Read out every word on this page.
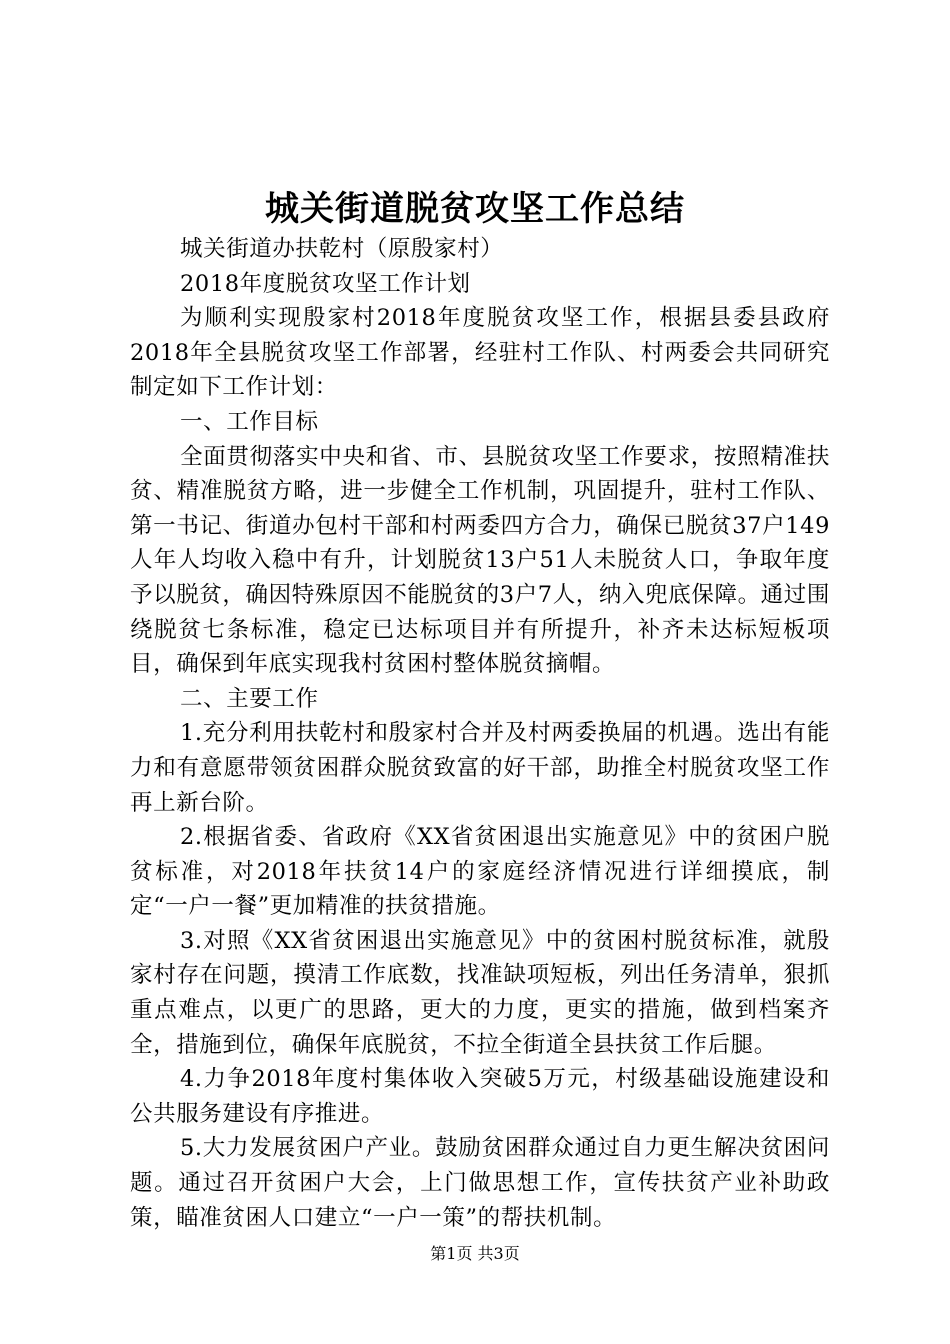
城关街道脱贫攻坚工作总结

城关街道办扶乾村（原殷家村）

2018年度脱贫攻坚工作计划

为顺利实现殷家村2018年度脱贫攻坚工作，根据县委县政府2018年全县脱贫攻坚工作部署，经驻村工作队、村两委会共同研究制定如下工作计划：

一、工作目标

全面贯彻落实中央和省、市、县脱贫攻坚工作要求，按照精准扶贫、精准脱贫方略，进一步健全工作机制，巩固提升，驻村工作队、第一书记、街道办包村干部和村两委四方合力，确保已脱贫37户149人年人均收入稳中有升，计划脱贫13户51人未脱贫人口，争取年度予以脱贫，确因特殊原因不能脱贫的3户7人，纳入兜底保障。通过围绕脱贫七条标准，稳定已达标项目并有所提升，补齐未达标短板项目，确保到年底实现我村贫困村整体脱贫摘帽。

二、主要工作

1.充分利用扶乾村和殷家村合并及村两委换届的机遇。选出有能力和有意愿带领贫困群众脱贫致富的好干部，助推全村脱贫攻坚工作再上新台阶。

2.根据省委、省政府《XX省贫困退出实施意见》中的贫困户脱贫标准，对2018年扶贫14户的家庭经济情况进行详细摸底，制定“一户一餐”更加精准的扶贫措施。

3.对照《XX省贫困退出实施意见》中的贫困村脱贫标准，就殷家村存在问题，摸清工作底数，找准缺项短板，列出任务清单，狠抓重点难点，以更广的思路，更大的力度，更实的措施，做到档案齐全，措施到位，确保年底脱贫，不拉全街道全县扶贫工作后腿。

4.力争2018年度村集体收入突破5万元，村级基础设施建设和公共服务建设有序推进。

5.大力发展贫困户产业。鼓励贫困群众通过自力更生解决贫困问题。通过召开贫困户大会，上门做思想工作，宣传扶贫产业补助政策，瞄准贫困人口建立“一户一策”的帮扶机制。

第1页 共3页
